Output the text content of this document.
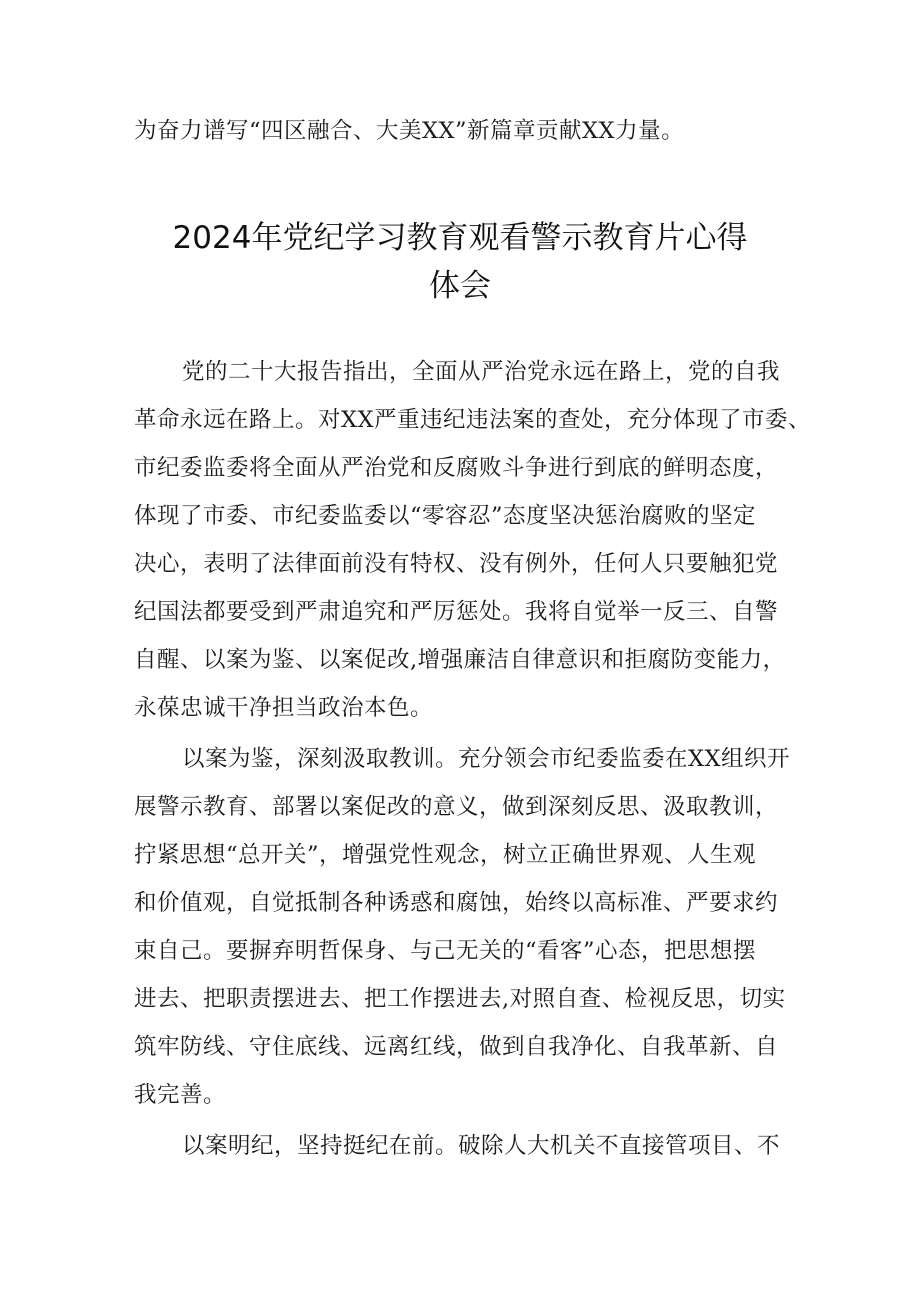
为奋力谱写“四区融合、大美XX”新篇章贡献XX力量。
2024年党纪学习教育观看警示教育片心得
体会
党的二十大报告指出，全面从严治党永远在路上，党的自我
革命永远在路上。对XX严重违纪违法案的查处，充分体现了市委、
市纪委监委将全面从严治党和反腐败斗争进行到底的鲜明态度，
体现了市委、市纪委监委以“零容忍”态度坚决惩治腐败的坚定
决心，表明了法律面前没有特权、没有例外，任何人只要触犯党
纪国法都要受到严肃追究和严厉惩处。我将自觉举一反三、自警
自醒、以案为鉴、以案促改,增强廉洁自律意识和拒腐防变能力，
永葆忠诚干净担当政治本色。
以案为鉴，深刻汲取教训。充分领会市纪委监委在XX组织开
展警示教育、部署以案促改的意义，做到深刻反思、汲取教训，
拧紧思想“总开关”，增强党性观念，树立正确世界观、人生观
和价值观，自觉抵制各种诱惑和腐蚀，始终以高标准、严要求约
束自己。要摒弃明哲保身、与己无关的“看客”心态，把思想摆
进去、把职责摆进去、把工作摆进去,对照自查、检视反思，切实
筑牢防线、守住底线、远离红线，做到自我净化、自我革新、自
我完善。
以案明纪，坚持挺纪在前。破除人大机关不直接管项目、不
